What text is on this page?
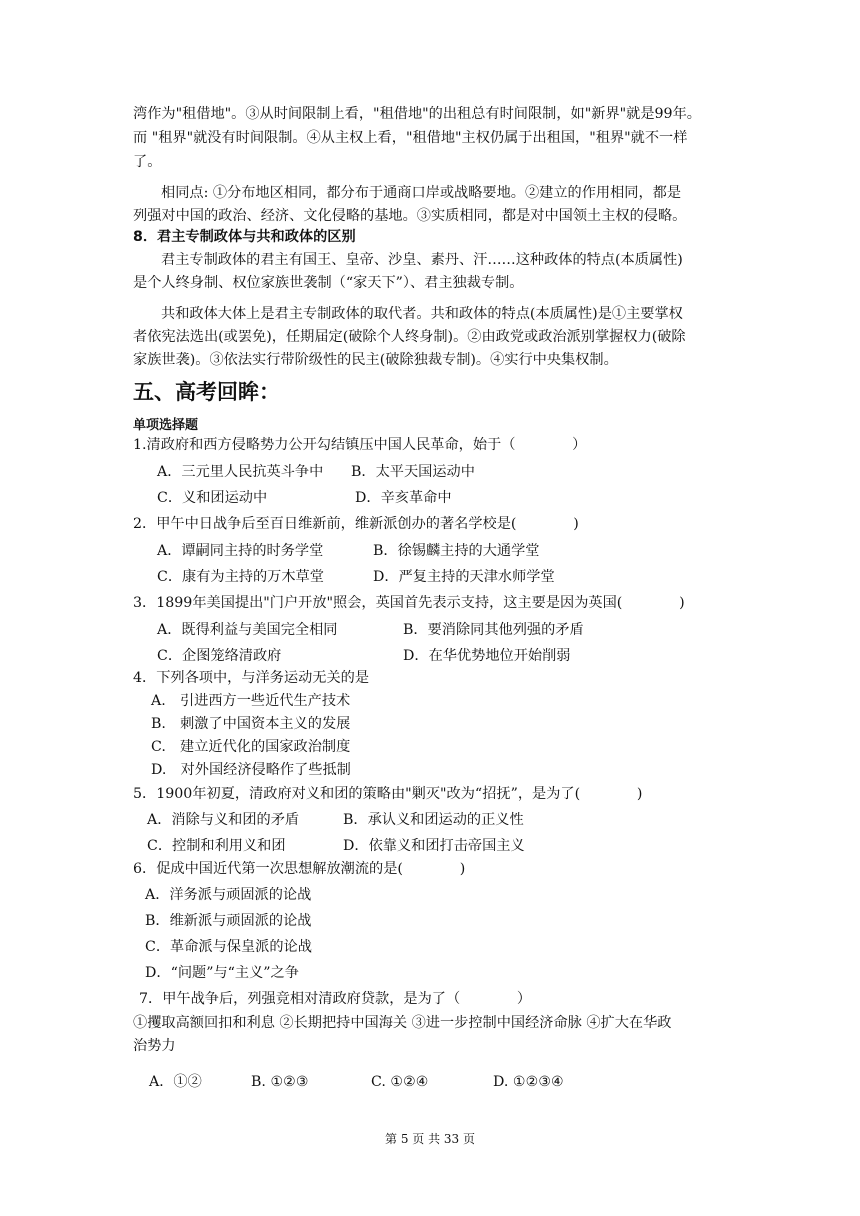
湾作为"租借地"。③从时间限制上看，"租借地"的出租总有时间限制，如"新界"就是99年。
而 "租界"就没有时间限制。④从主权上看，"租借地"主权仍属于出租国，"租界"就不一样
了。
相同点: ①分布地区相同，都分布于通商口岸或战略要地。②建立的作用相同，都是
列强对中国的政治、经济、文化侵略的基地。③实质相同，都是对中国领土主权的侵略。
8．君主专制政体与共和政体的区别
君主专制政体的君主有国王、皇帝、沙皇、素丹、汗……这种政体的特点(本质属性)
是个人终身制、权位家族世袭制（“家天下”）、君主独裁专制。
共和政体大体上是君主专制政体的取代者。共和政体的特点(本质属性)是①主要掌权
者依宪法选出(或罢免)，任期届定(破除个人终身制)。②由政党或政治派别掌握权力(破除
家族世袭)。③依法实行带阶级性的民主(破除独裁专制)。④实行中央集权制。
五、高考回眸：
单项选择题
1.清政府和西方侵略势力公开勾结镇压中国人民革命，始于（　　　　）
A．三元里人民抗英斗争中 B．太平天国运动中
C．义和团运动中	D．辛亥革命中
2．甲午中日战争后至百日维新前，维新派创办的著名学校是(　　　　)
A．谭嗣同主持的时务学堂	B．徐锡麟主持的大通学堂
C．康有为主持的万木草堂	D．严复主持的天津水师学堂
3．1899年美国提出"门户开放"照会，英国首先表示支持，这主要是因为英国(　　　　)
A．既得利益与美国完全相同	B．要消除同其他列强的矛盾
C．企图笼络清政府	D．在华优势地位开始削弱
4．下列各项中，与洋务运动无关的是
A.　引进西方一些近代生产技术
B.　刺激了中国资本主义的发展
C.　建立近代化的国家政治制度
D.　对外国经济侵略作了些抵制
5．1900年初夏，清政府对义和团的策略由"剿灭"改为“招抚”，是为了(　　　　)
A．消除与义和团的矛盾	B．承认义和团运动的正义性
C．控制和利用义和团	D．依靠义和团打击帝国主义
6．促成中国近代第一次思想解放潮流的是(　　　　)
A．洋务派与顽固派的论战
B．维新派与顽固派的论战
C．革命派与保皇派的论战
D．“问题”与“主义”之争
7．甲午战争后，列强竞相对清政府贷款，是为了（　　　　）
①攫取高额回扣和利息 ②长期把持中国海关 ③进一步控制中国经济命脉 ④扩大在华政
治势力
A．①②	B. ①②③	C. ①②④	D. ①②③④
第 5 页 共 33 页
